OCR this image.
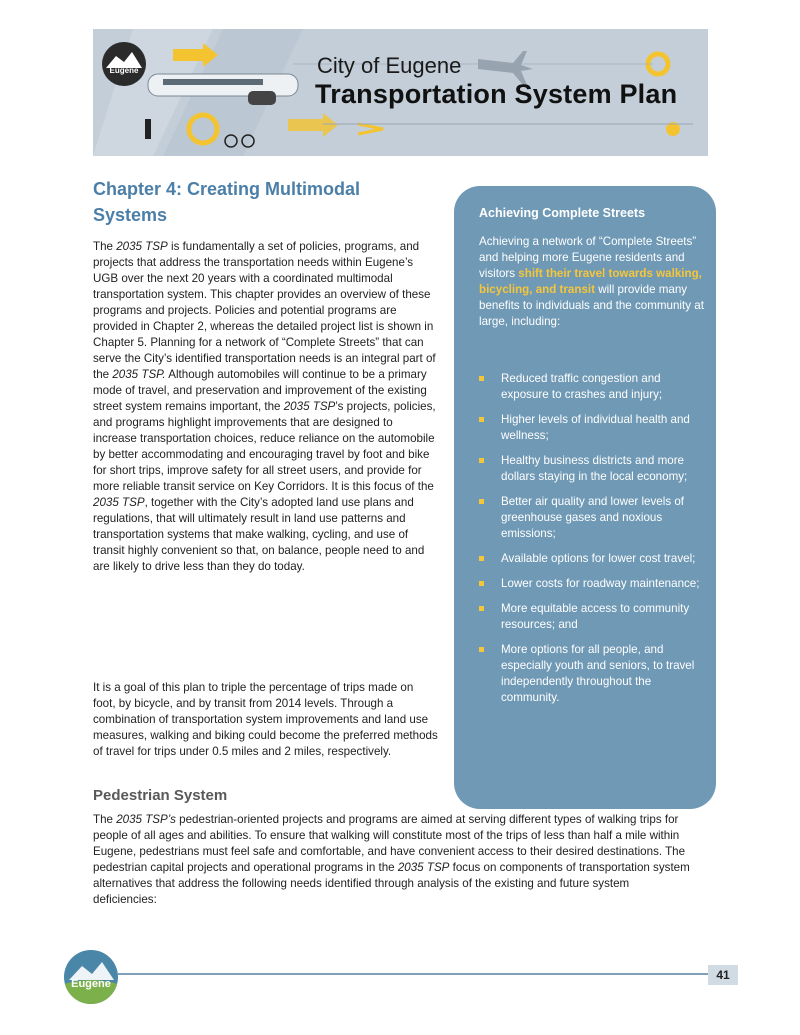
Eugene	City of Eugene
Transportation System Plan
Chapter 4: Creating Multimodal Systems

The 2035 TSP is fundamentally a set of policies, programs, and projects that address the transportation needs within Eugene’s UGB over the next 20 years with a coordinated multimodal transportation system. This chapter provides an overview of these programs and projects. Policies and potential programs are provided in Chapter 2, whereas the detailed project list is shown in Chapter 5. Planning for a network of “Complete Streets” that can serve the City’s identified transportation needs is an integral part of the 2035 TSP. Although automobiles will continue to be a primary mode of travel, and preservation and improvement of the existing street system remains important, the 2035 TSP’s projects, policies, and programs highlight improvements that are designed to increase transportation choices, reduce reliance on the automobile by better accommodating and encouraging travel by foot and bike for short trips, improve safety for all street users, and provide for more reliable transit service on Key Corridors. It is this focus of the 2035 TSP, together with the City’s adopted land use plans and regulations, that will ultimately result in land use patterns and transportation systems that make walking, cycling, and use of transit highly convenient so that, on balance, people need to and are likely to drive less than they do today.

It is a goal of this plan to triple the percentage of trips made on foot, by bicycle, and by transit from 2014 levels. Through a combination of transportation system improvements and land use measures, walking and biking could become the preferred methods of travel for trips under 0.5 miles and 2 miles, respectively.

Pedestrian System

The 2035 TSP’s pedestrian-oriented projects and programs are aimed at serving different types of walking trips for people of all ages and abilities. To ensure that walking will constitute most of the trips of less than half a mile within Eugene, pedestrians must feel safe and comfortable, and have convenient access to their desired destinations. The pedestrian capital projects and operational programs in the 2035 TSP focus on components of transportation system alternatives that address the following needs identified through analysis of the existing and future system deficiencies:

Achieving Complete Streets
Achieving a network of “Complete Streets” and helping more Eugene residents and visitors shift their travel towards walking, bicycling, and transit will provide many benefits to individuals and the community at large, including:
Reduced traffic congestion and exposure to crashes and injury;
Higher levels of individual health and wellness;
Healthy business districts and more dollars staying in the local economy;
Better air quality and lower levels of greenhouse gases and noxious emissions;
Available options for lower cost travel;
Lower costs for roadway maintenance;
More equitable access to community resources; and
More options for all people, and especially youth and seniors, to travel independently throughout the community.
Eugene
41
